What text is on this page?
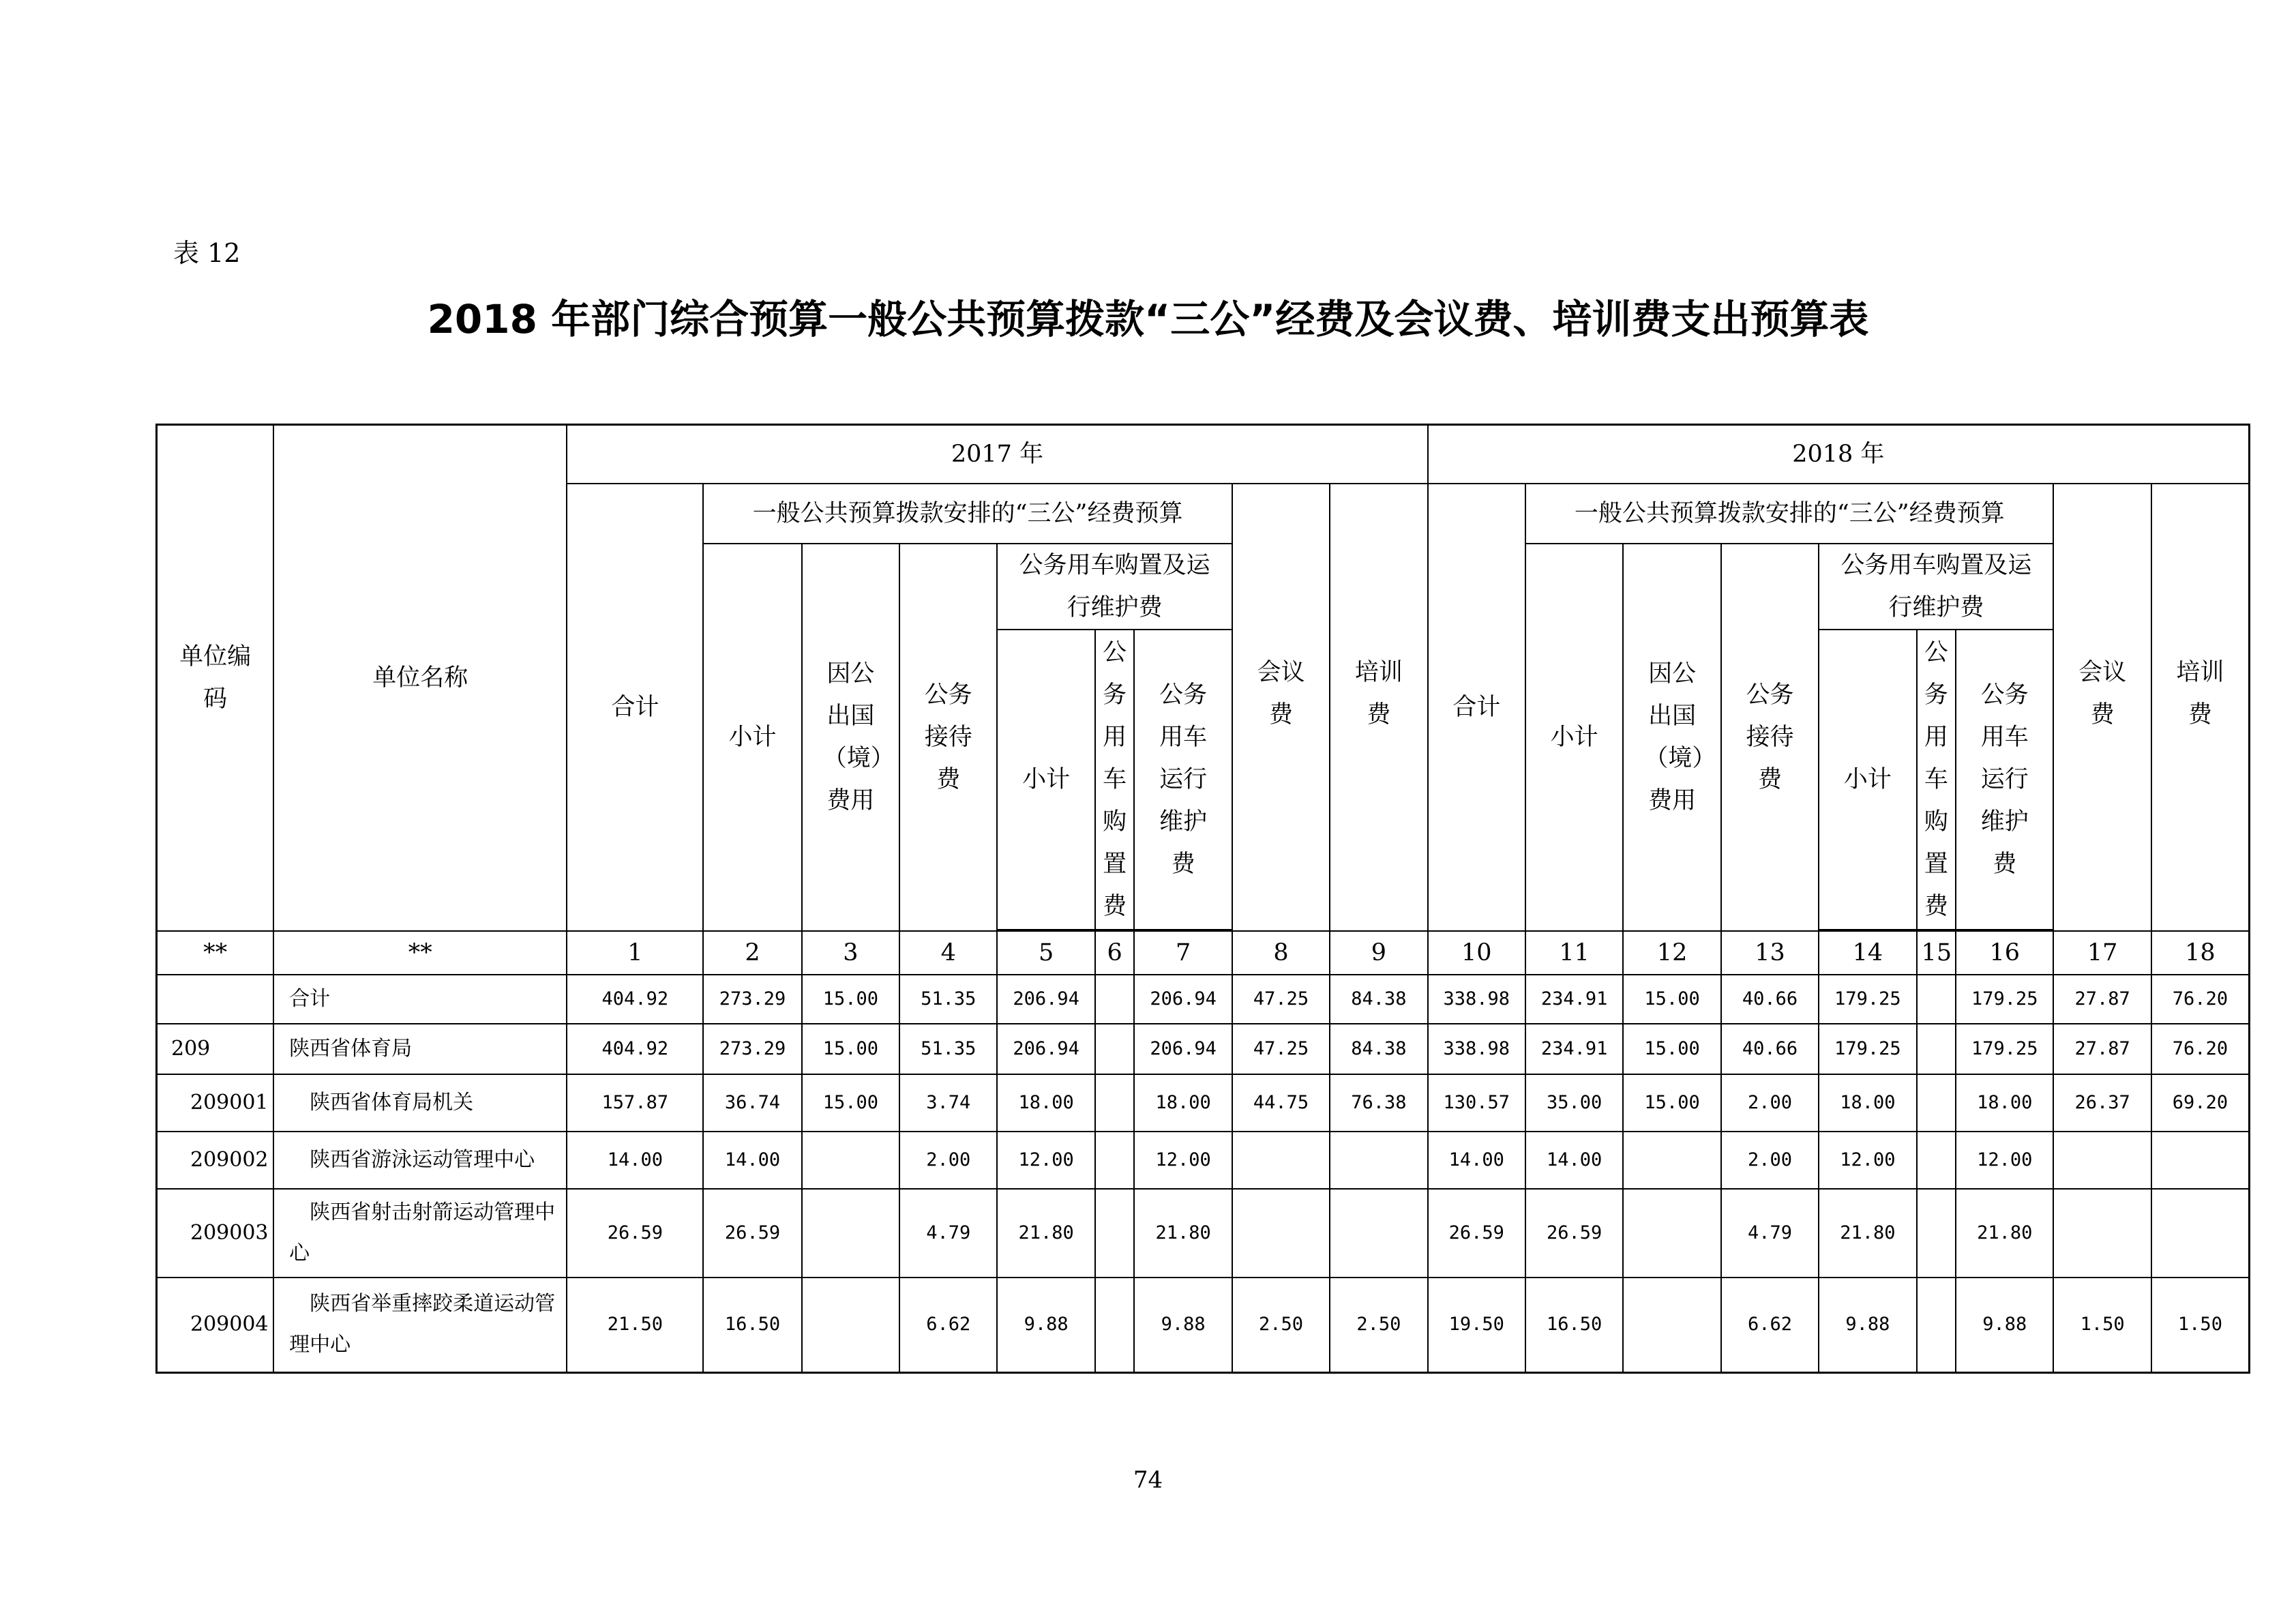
表 12
2018 年部门综合预算一般公共预算拨款“三公”经费及会议费、培训费支出预算表
单位编码	单位名称	2017 年									2018 年								
		合计	一般公共预算拨款安排的“三公”经费预算						会议费	培训费	合计	一般公共预算拨款安排的“三公”经费预算						会议费	培训费
			小计	因公出国（境）费用	公务接待费	公务用车购置及运行维护费						小计	因公出国（境）费用	公务接待费	公务用车购置及运行维护费				
						小计	公务用车购置费	公务用车运行维护费							小计	公务用车购置费	公务用车运行维护费		

**	**	1	2	3	4	5	6	7	8	9	10	11	12	13	14	15	16	17	18
	合计	404.92	273.29	15.00	51.35	206.94		206.94	47.25	84.38	338.98	234.91	15.00	40.66	179.25		179.25	27.87	76.20
209	陕西省体育局	404.92	273.29	15.00	51.35	206.94		206.94	47.25	84.38	338.98	234.91	15.00	40.66	179.25		179.25	27.87	76.20
209001	陕西省体育局机关	157.87	36.74	15.00	3.74	18.00		18.00	44.75	76.38	130.57	35.00	15.00	2.00	18.00		18.00	26.37	69.20
209002	陕西省游泳运动管理中心	14.00	14.00		2.00	12.00		12.00			14.00	14.00		2.00	12.00		12.00		
209003	陕西省射击射箭运动管理中心	26.59	26.59		4.79	21.80		21.80			26.59	26.59		4.79	21.80		21.80		
209004	陕西省举重摔跤柔道运动管理中心	21.50	16.50		6.62	9.88		9.88	2.50	2.50	19.50	16.50		6.62	9.88		9.88	1.50	1.50
74
